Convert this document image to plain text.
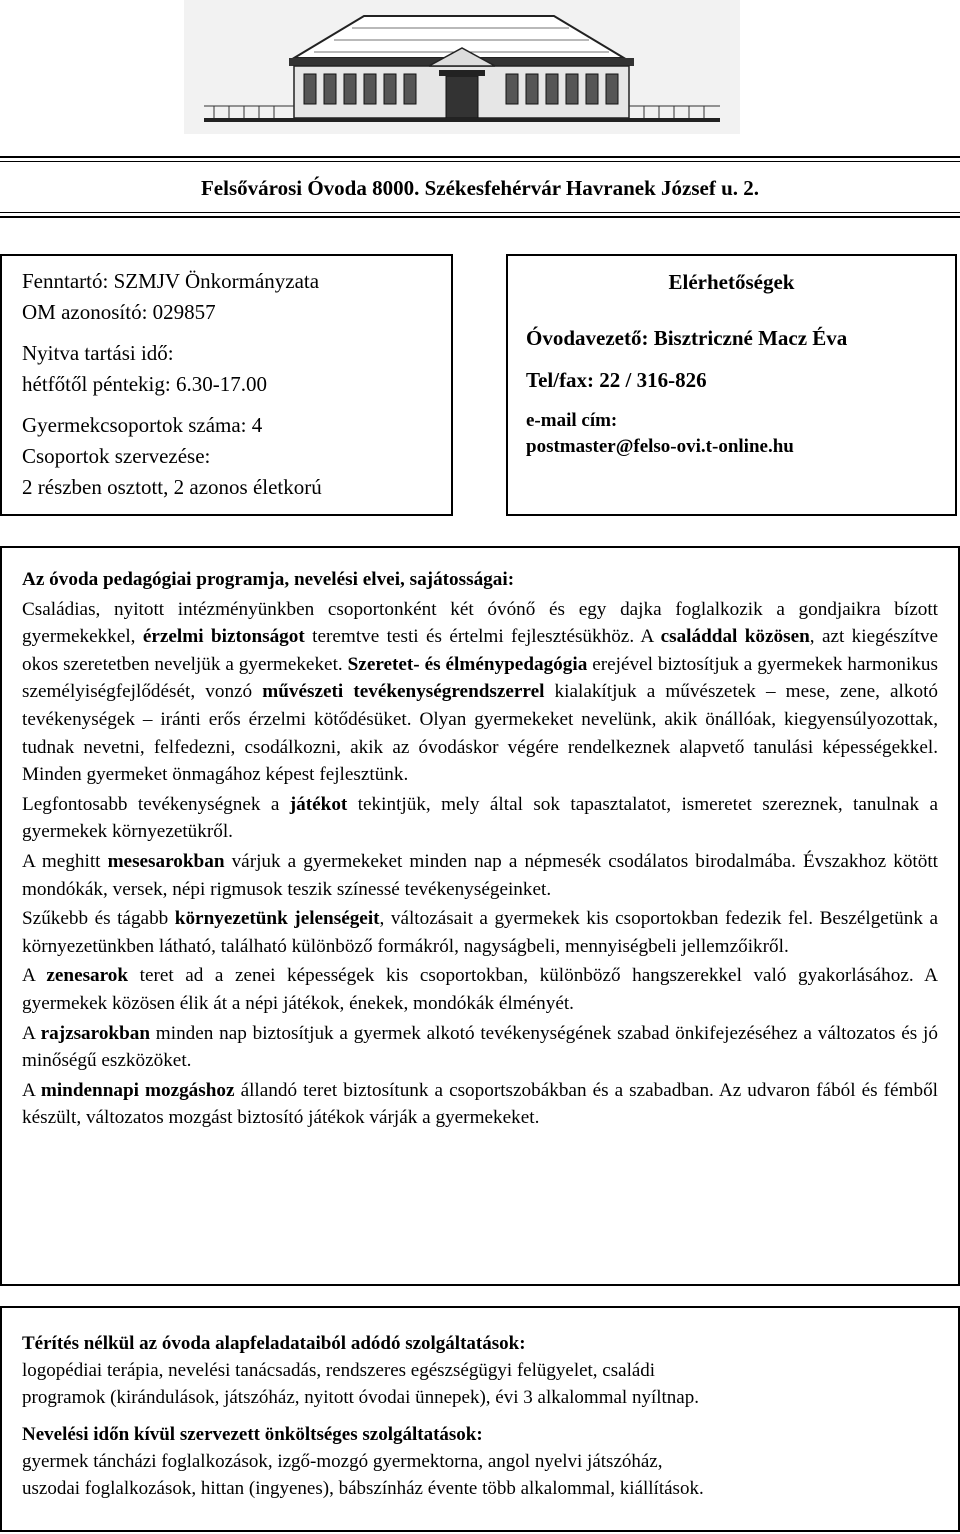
Felsővárosi Óvoda 8000. Székesfehérvár Havranek József u. 2.
Fenntartó: SZMJV Önkormányzata
OM azonosító: 029857
Nyitva tartási idő:
hétfőtől péntekig: 6.30-17.00
Gyermekcsoportok száma: 4
Csoportok szervezése:
2 részben osztott, 2 azonos életkorú
Elérhetőségek
Óvodavezető: Bisztriczné Macz Éva
Tel/fax: 22 / 316-826
e-mail cím:
postmaster@felso-ovi.t-online.hu
Az óvoda pedagógiai programja, nevelési elvei, sajátosságai:

Családias, nyitott intézményünkben csoportonként két óvónő és egy dajka foglalkozik a gondjaikra bízott gyermekekkel, érzelmi biztonságot teremtve testi és értelmi fejlesztésükhöz. A családdal közösen, azt kiegészítve okos szeretetben neveljük a gyermekeket. Szeretet- és élménypedagógia erejével biztosítjuk a gyermekek harmonikus személyiségfejlődését, vonzó művészeti tevékenységrendszerrel kialakítjuk a művészetek – mese, zene, alkotó tevékenységek – iránti erős érzelmi kötődésüket. Olyan gyermekeket nevelünk, akik önállóak, kiegyensúlyozottak, tudnak nevetni, felfedezni, csodálkozni, akik az óvodáskor végére rendelkeznek alapvető tanulási képességekkel. Minden gyermeket önmagához képest fejlesztünk.

Legfontosabb tevékenységnek a játékot tekintjük, mely által sok tapasztalatot, ismeretet szereznek, tanulnak a gyermekek környezetükről.

A meghitt mesesarokban várjuk a gyermekeket minden nap a népmesék csodálatos birodalmába. Évszakhoz kötött mondókák, versek, népi rigmusok teszik színessé tevékenységeinket.

Szűkebb és tágabb környezetünk jelenségeit, változásait a gyermekek kis csoportokban fedezik fel. Beszélgetünk a környezetünkben látható, található különböző formákról, nagyságbeli, mennyiségbeli jellemzőikről.

A zenesarok teret ad a zenei képességek kis csoportokban, különböző hangszerekkel való gyakorlásához. A gyermekek közösen élik át a népi játékok, énekek, mondókák élményét.

A rajzsarokban minden nap biztosítjuk a gyermek alkotó tevékenységének szabad önkifejezéséhez a változatos és jó minőségű eszközöket.

A mindennapi mozgáshoz állandó teret biztosítunk a csoportszobákban és a szabadban. Az udvaron fából és fémből készült, változatos mozgást biztosító játékok várják a gyermekeket.

Térítés nélkül az óvoda alapfeladataiból adódó szolgáltatások:
logopédiai terápia, nevelési tanácsadás, rendszeres egészségügyi felügyelet, családi
programok (kirándulások, játszóház, nyitott óvodai ünnepek), évi 3 alkalommal nyíltnap.
Nevelési időn kívül szervezett önköltséges szolgáltatások:
gyermek táncházi foglalkozások, izgő-mozgó gyermektorna, angol nyelvi játszóház,
uszodai foglalkozások, hittan (ingyenes), bábszínház évente több alkalommal, kiállítások.
